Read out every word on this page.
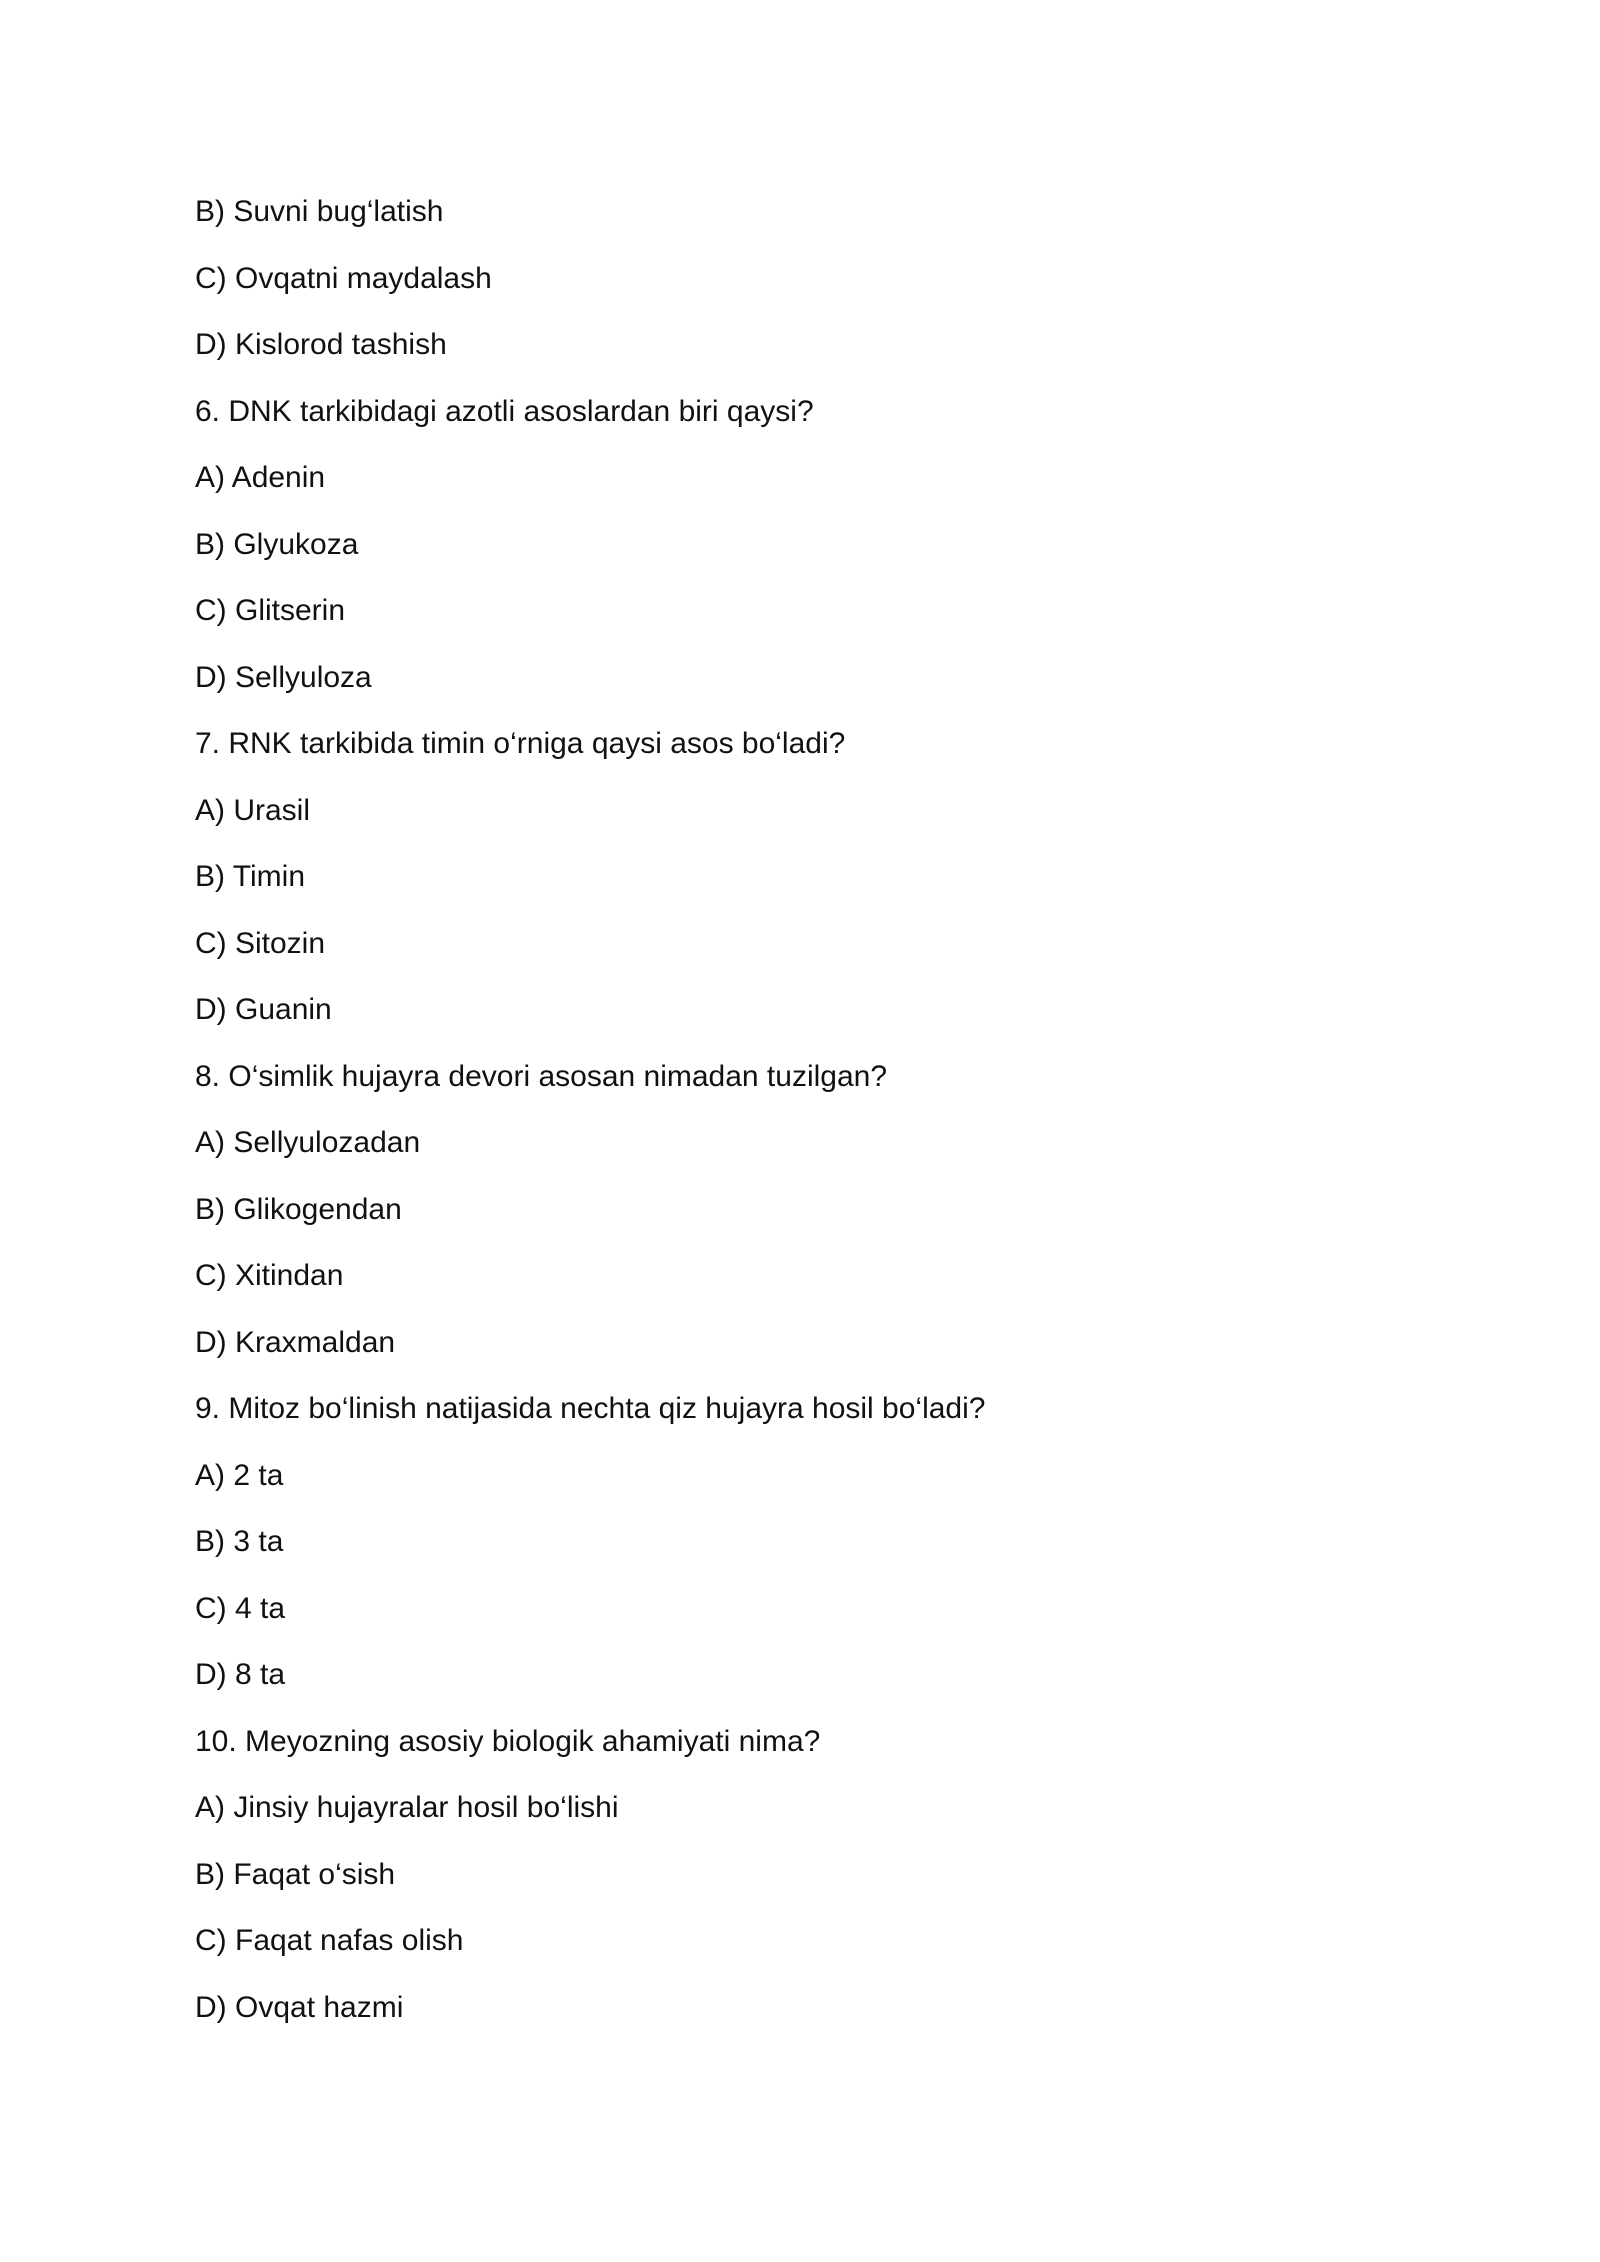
B) Suvni bug‘latish
C) Ovqatni maydalash
D) Kislorod tashish
6. DNK tarkibidagi azotli asoslardan biri qaysi?
A) Adenin
B) Glyukoza
C) Glitserin
D) Sellyuloza
7. RNK tarkibida timin o‘rniga qaysi asos bo‘ladi?
A) Urasil
B) Timin
C) Sitozin
D) Guanin
8. O‘simlik hujayra devori asosan nimadan tuzilgan?
A) Sellyulozadan
B) Glikogendan
C) Xitindan
D) Kraxmaldan
9. Mitoz bo‘linish natijasida nechta qiz hujayra hosil bo‘ladi?
A) 2 ta
B) 3 ta
C) 4 ta
D) 8 ta
10. Meyozning asosiy biologik ahamiyati nima?
A) Jinsiy hujayralar hosil bo‘lishi
B) Faqat o‘sish
C) Faqat nafas olish
D) Ovqat hazmi
